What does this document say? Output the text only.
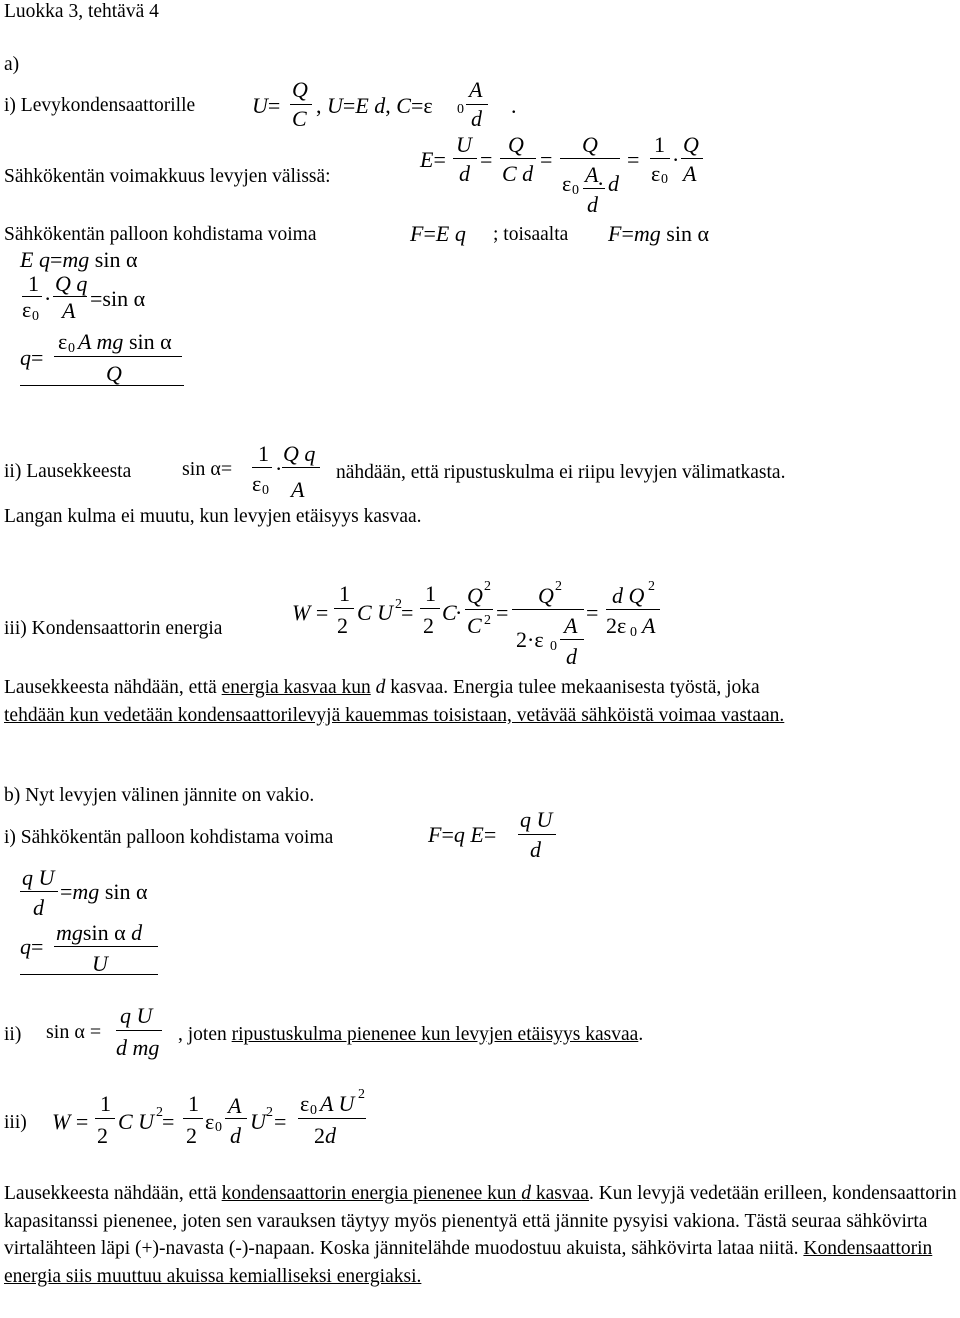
Luokka 3, tehtävä 4
a)
i) Levykondensaattorille
Sähkökentän voimakkuus levyjen välissä:
Sähkökentän palloon kohdistama voima	; toisaalta
U=
Q
C
, U=E d, C=ε 0
A
d
.
E=
U
d
=
Q
C d
=
Q
ε 0
A
d
· d
=
1
ε 0
·
Q
A
F=E q	F=mg sin α
E q=mg sin α
1
ε 0
·
Q q
A =sin α
q=
ε 0 A mg sin α
Q
ii) Lausekkeesta	sin α=
1
ε 0
·
Q q
A
nähdään, että ripustuskulma ei riipu levyjen välimatkasta.
Langan kulma ei muutu, kun levyjen etäisyys kasvaa.
iii) Kondensaattorin energia
W =
1
2
C U 2 =
1
2
C
·
Q 2
C 2 =
Q 2
2·ε 0
A
d
=
d Q 2
2ε 0 A
Lausekkeesta nähdään, että energia kasvaa kun d kasvaa. Energia tulee mekaanisesta työstä, joka
tehdään kun vedetään kondensaattorilevyjä kauemmas toisistaan, vetävää sähköistä voimaa vastaan.
b) Nyt levyjen välinen jännite on vakio.
i) Sähkökentän palloon kohdistama voima	F=q E=
q U
d
q U
d
=mg sin α
q=
mgsin α d
U
ii) sin α =
q U
d mg
, joten ripustuskulma pienenee kun levyjen etäisyys kasvaa.
iii) W =
1
2
C U 2 =
1
2
ε 0
A
d
U 2 =
ε 0 A U 2
2d
Lausekkeesta nähdään, että kondensaattorin energia pienenee kun d kasvaa. Kun levyjä vedetään erilleen, kondensaattorin kapasitanssi pienenee, joten sen varauksen täytyy myös pienentyä että jännite pysyisi vakiona. Tästä seuraa sähkövirta virtalähteen läpi (+)-navasta (-)-napaan. Koska jännitelähde muodostuu akuista, sähkövirta lataa niitä. Kondensaattorin energia siis muuttuu akuissa kemialliseksi energiaksi.
